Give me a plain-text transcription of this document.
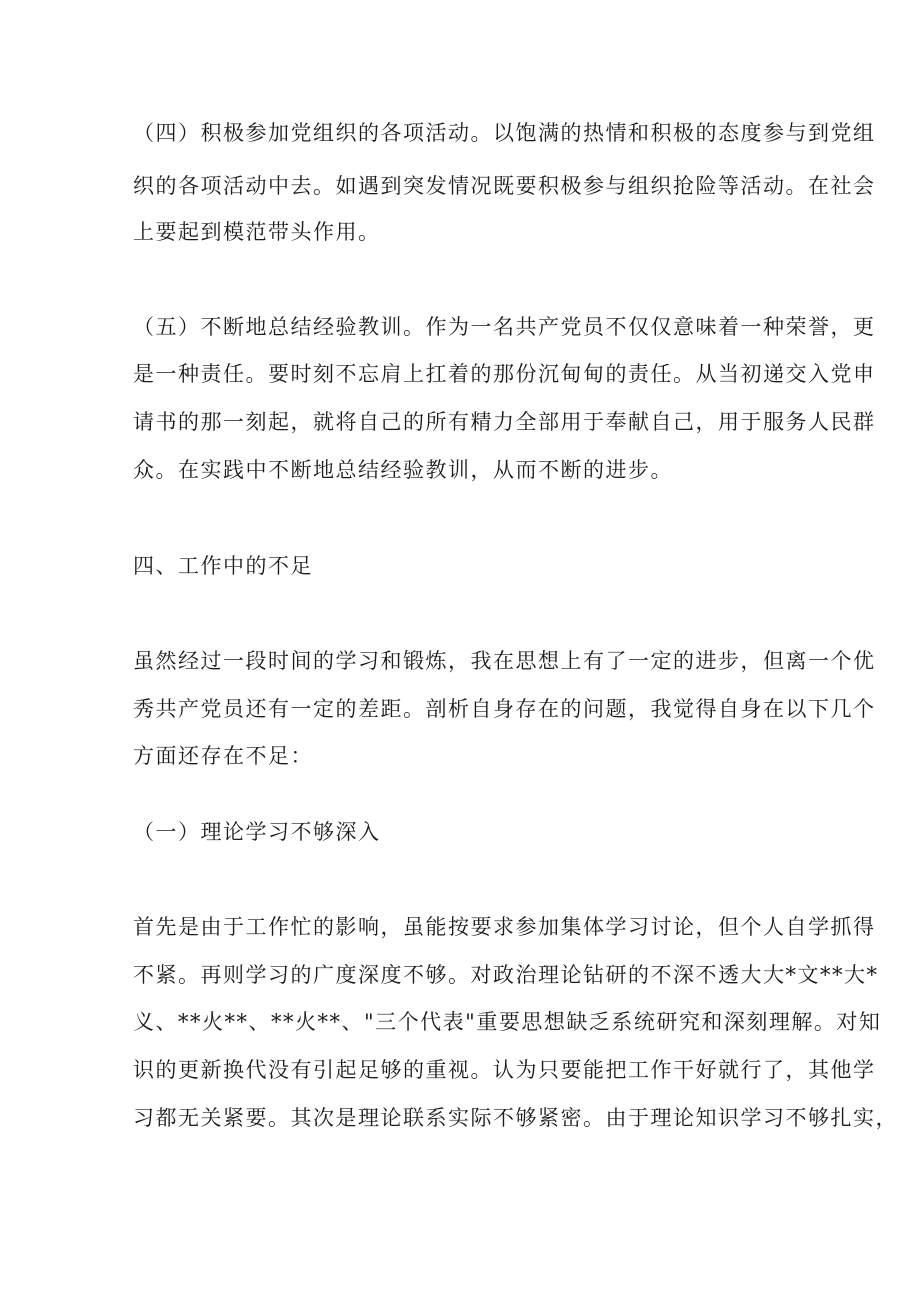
（四）积极参加党组织的各项活动。以饱满的热情和积极的态度参与到党组
织的各项活动中去。如遇到突发情况既要积极参与组织抢险等活动。在社会
上要起到模范带头作用。
（五）不断地总结经验教训。作为一名共产党员不仅仅意味着一种荣誉，更
是一种责任。要时刻不忘肩上扛着的那份沉甸甸的责任。从当初递交入党申
请书的那一刻起，就将自己的所有精力全部用于奉献自己，用于服务人民群
众。在实践中不断地总结经验教训，从而不断的进步。
四、工作中的不足
虽然经过一段时间的学习和锻炼，我在思想上有了一定的进步，但离一个优
秀共产党员还有一定的差距。剖析自身存在的问题，我觉得自身在以下几个
方面还存在不足：
（一）理论学习不够深入
首先是由于工作忙的影响，虽能按要求参加集体学习讨论，但个人自学抓得
不紧。再则学习的广度深度不够。对政治理论钻研的不深不透大大*文**大*
义、**火**、**火**、"三个代表"重要思想缺乏系统研究和深刻理解。对知
识的更新换代没有引起足够的重视。认为只要能把工作干好就行了，其他学
习都无关紧要。其次是理论联系实际不够紧密。由于理论知识学习不够扎实，
